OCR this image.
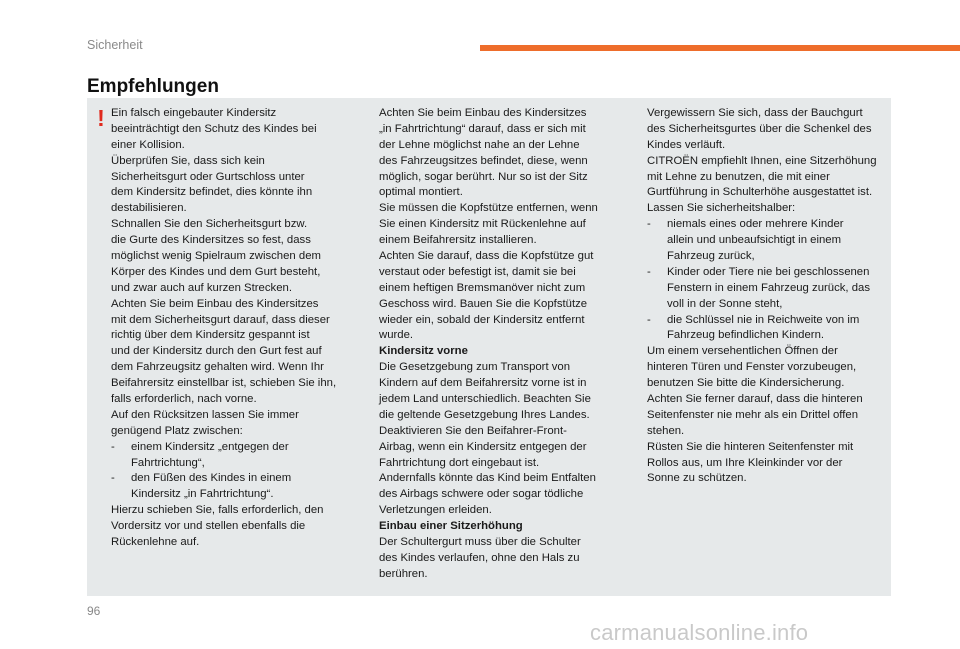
Sicherheit
Empfehlungen
! Ein falsch eingebauter Kindersitz
beeinträchtigt den Schutz des Kindes bei
einer Kollision.
Überprüfen Sie, dass sich kein
Sicherheitsgurt oder Gurtschloss unter
dem Kindersitz befindet, dies könnte ihn
destabilisieren.
Schnallen Sie den Sicherheitsgurt bzw.
die Gurte des Kindersitzes so fest, dass
möglichst wenig Spielraum zwischen dem
Körper des Kindes und dem Gurt besteht,
und zwar auch auf kurzen Strecken.
Achten Sie beim Einbau des Kindersitzes
mit dem Sicherheitsgurt darauf, dass dieser
richtig über dem Kindersitz gespannt ist
und der Kindersitz durch den Gurt fest auf
dem Fahrzeugsitz gehalten wird. Wenn Ihr
Beifahrersitz einstellbar ist, schieben Sie ihn,
falls erforderlich, nach vorne.
Auf den Rücksitzen lassen Sie immer
genügend Platz zwischen:
- einem Kindersitz „entgegen der
Fahrtrichtung“,
- den Füßen des Kindes in einem
Kindersitz „in Fahrtrichtung“.
Hierzu schieben Sie, falls erforderlich, den
Vordersitz vor und stellen ebenfalls die
Rückenlehne auf.
Achten Sie beim Einbau des Kindersitzes
„in Fahrtrichtung“ darauf, dass er sich mit
der Lehne möglichst nahe an der Lehne
des Fahrzeugsitzes befindet, diese, wenn
möglich, sogar berührt. Nur so ist der Sitz
optimal montiert.
Sie müssen die Kopfstütze entfernen, wenn
Sie einen Kindersitz mit Rückenlehne auf
einem Beifahrersitz installieren.
Achten Sie darauf, dass die Kopfstütze gut
verstaut oder befestigt ist, damit sie bei
einem heftigen Bremsmanöver nicht zum
Geschoss wird. Bauen Sie die Kopfstütze
wieder ein, sobald der Kindersitz entfernt
wurde.
Kindersitz vorne
Die Gesetzgebung zum Transport von
Kindern auf dem Beifahrersitz vorne ist in
jedem Land unterschiedlich. Beachten Sie
die geltende Gesetzgebung Ihres Landes.
Deaktivieren Sie den Beifahrer-Front-
Airbag, wenn ein Kindersitz entgegen der
Fahrtrichtung dort eingebaut ist.
Andernfalls könnte das Kind beim Entfalten
des Airbags schwere oder sogar tödliche
Verletzungen erleiden.
Einbau einer Sitzerhöhung
Der Schultergurt muss über die Schulter
des Kindes verlaufen, ohne den Hals zu
berühren.
Vergewissern Sie sich, dass der Bauchgurt
des Sicherheitsgurtes über die Schenkel des
Kindes verläuft.
CITROËN empfiehlt Ihnen, eine Sitzerhöhung
mit Lehne zu benutzen, die mit einer
Gurtführung in Schulterhöhe ausgestattet ist.
Lassen Sie sicherheitshalber:
- niemals eines oder mehrere Kinder
allein und unbeaufsichtigt in einem
Fahrzeug zurück,
- Kinder oder Tiere nie bei geschlossenen
Fenstern in einem Fahrzeug zurück, das
voll in der Sonne steht,
- die Schlüssel nie in Reichweite von im
Fahrzeug befindlichen Kindern.
Um einem versehentlichen Öffnen der
hinteren Türen und Fenster vorzubeugen,
benutzen Sie bitte die Kindersicherung.
Achten Sie ferner darauf, dass die hinteren
Seitenfenster nie mehr als ein Drittel offen
stehen.
Rüsten Sie die hinteren Seitenfenster mit
Rollos aus, um Ihre Kleinkinder vor der
Sonne zu schützen.
96
carmanualsonline.info
